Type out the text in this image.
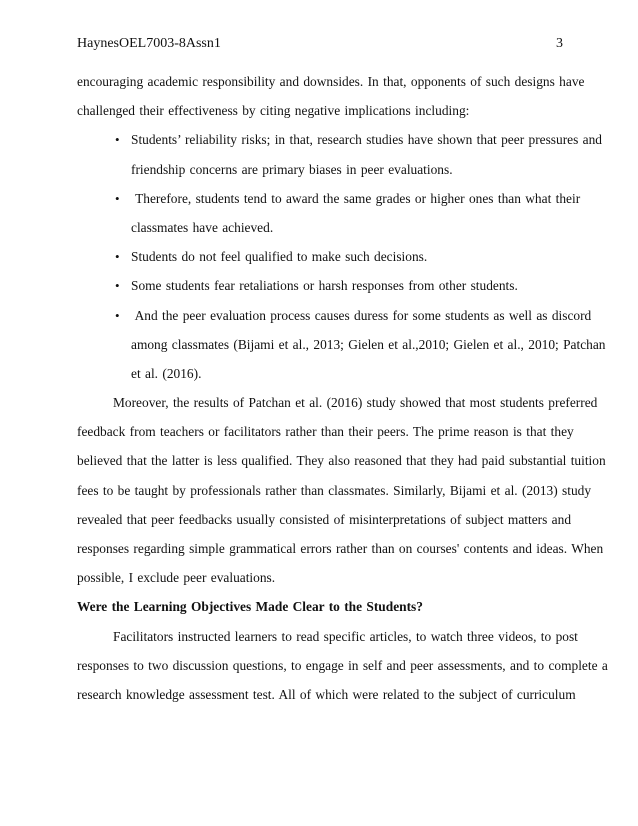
HaynesOEL7003-8Assn1	3
encouraging academic responsibility and downsides. In that, opponents of such designs have
challenged their effectiveness by citing negative implications including:
• Students’ reliability risks; in that, research studies have shown that peer pressures and
friendship concerns are primary biases in peer evaluations.
• Therefore, students tend to award the same grades or higher ones than what their
classmates have achieved.
• Students do not feel qualified to make such decisions.
• Some students fear retaliations or harsh responses from other students.
• And the peer evaluation process causes duress for some students as well as discord
among classmates (Bijami et al., 2013; Gielen et al.,2010; Gielen et al., 2010; Patchan
et al. (2016).
Moreover, the results of Patchan et al. (2016) study showed that most students preferred
feedback from teachers or facilitators rather than their peers. The prime reason is that they
believed that the latter is less qualified. They also reasoned that they had paid substantial tuition
fees to be taught by professionals rather than classmates. Similarly, Bijami et al. (2013) study
revealed that peer feedbacks usually consisted of misinterpretations of subject matters and
responses regarding simple grammatical errors rather than on courses' contents and ideas. When
possible, I exclude peer evaluations.
Were the Learning Objectives Made Clear to the Students?
Facilitators instructed learners to read specific articles, to watch three videos, to post
responses to two discussion questions, to engage in self and peer assessments, and to complete a
research knowledge assessment test. All of which were related to the subject of curriculum
